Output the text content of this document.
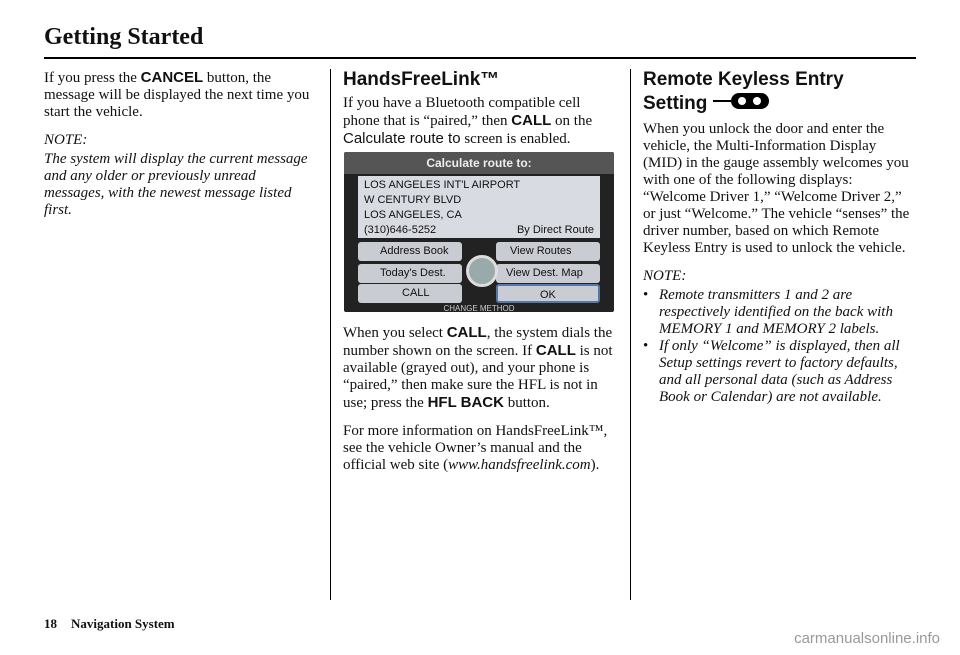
Getting Started

If you press the CANCEL button, the message will be displayed the next time you start the vehicle.

NOTE:

The system will display the current message and any older or previously unread messages, with the newest message listed first.

HandsFreeLink™

If you have a Bluetooth compatible cell phone that is “paired,” then CALL on the Calculate route to screen is enabled.

Calculate route to:
LOS ANGELES INT'L AIRPORT
W CENTURY BLVD
LOS ANGELES, CA
(310)646-5252	By Direct Route
Address Book
Today's Dest.
CALL
View Routes
View Dest. Map
OK
CHANGE METHOD

When you select CALL, the system dials the number shown on the screen. If CALL is not available (grayed out), and your phone is “paired,” then make sure the HFL is not in use; press the HFL BACK button.

For more information on HandsFreeLink™, see the vehicle Owner’s manual and the official web site (www.handsfreelink.com).

Remote Keyless Entry
Setting

When you unlock the door and enter the vehicle, the Multi-Information Display (MID) in the gauge assembly welcomes you with one of the following displays: “Welcome Driver 1,” “Welcome Driver 2,” or just “Welcome.” The vehicle “senses” the driver number, based on which Remote Keyless Entry is used to unlock the vehicle.

NOTE:

• Remote transmitters 1 and 2 are respectively identified on the back with MEMORY 1 and MEMORY 2 labels.
• If only “Welcome” is displayed, then all Setup settings revert to factory defaults, and all personal data (such as Address Book or Calendar) are not available.
18 Navigation System
carmanualsonline.info
